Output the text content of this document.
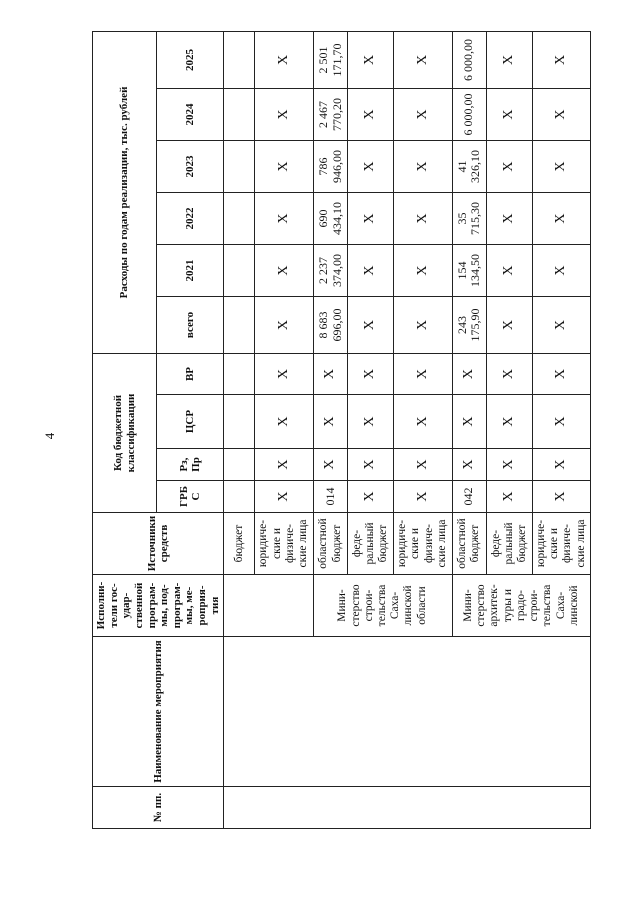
4
№ пп.	Наименование мероприятия	Исполни-тели гос-удар-ственной програм-мы, под-програм-мы, ме-роприя-тия	Источники средств	Код бюджетной классификации				Расходы по годам реализации, тыс. рублей					
				ГРБ С	Рз, Пр	ЦСР	ВР	всего	2021	2022	2023	2024	2025
			бюджет										
			юридиче-ские и физиче-ские лица	X	X	X	X	X	X	X	X	X	X
		Мини-стерство строи-тельства Саха-линской области	областной бюджет	014	X	X	X	8 683 696,00	2 237 374,00	690 434,10	786 946,00	2 467 770,20	2 501 171,70
			феде-ральный бюджет	X	X	X	X	X	X	X	X	X	X
			юридиче-ские и физиче-ские лица	X	X	X	X	X	X	X	X	X	X
		Мини-стерство архитек-туры и градо-строи-тельства Саха-линской	областной бюджет	042	X	X	X	243 175,90	154 134,50	35 715,30	41 326,10	6 000,00	6 000,00
			феде-ральный бюджет	X	X	X	X	X	X	X	X	X	X
			юридиче-ские и физиче-ские лица	X	X	X	X	X	X	X	X	X	X
